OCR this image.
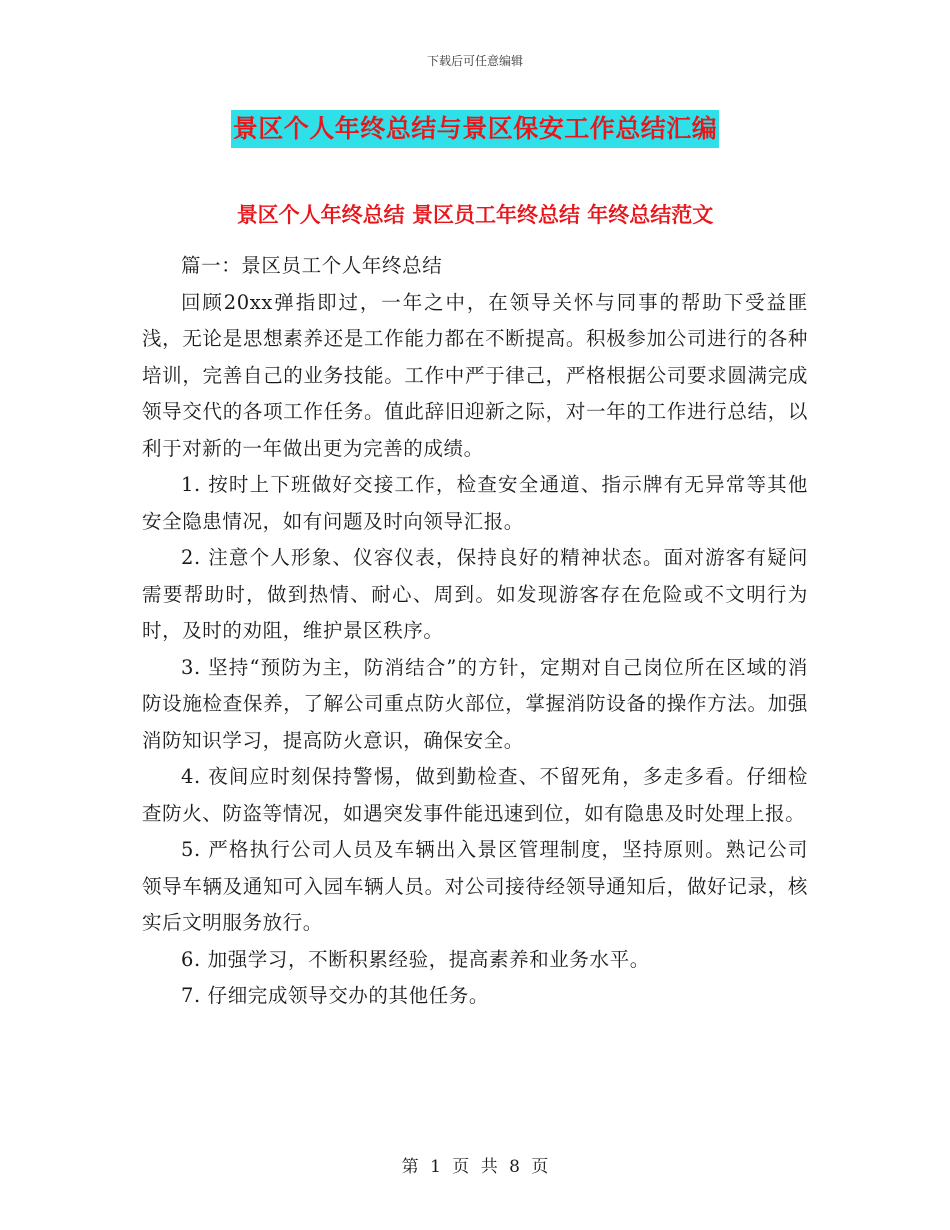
下载后可任意编辑
景区个人年终总结与景区保安工作总结汇编
景区个人年终总结 景区员工年终总结 年终总结范文

篇一：景区员工个人年终总结

回顾20xx弹指即过，一年之中，在领导关怀与同事的帮助下受益匪浅，无论是思想素养还是工作能力都在不断提高。积极参加公司进行的各种培训，完善自己的业务技能。工作中严于律己，严格根据公司要求圆满完成领导交代的各项工作任务。值此辞旧迎新之际，对一年的工作进行总结，以利于对新的一年做出更为完善的成绩。

1. 按时上下班做好交接工作，检查安全通道、指示牌有无异常等其他安全隐患情况，如有问题及时向领导汇报。

2. 注意个人形象、仪容仪表，保持良好的精神状态。面对游客有疑问需要帮助时，做到热情、耐心、周到。如发现游客存在危险或不文明行为时，及时的劝阻，维护景区秩序。

3. 坚持“预防为主，防消结合”的方针，定期对自己岗位所在区域的消防设施检查保养，了解公司重点防火部位，掌握消防设备的操作方法。加强消防知识学习，提高防火意识，确保安全。

4. 夜间应时刻保持警惕，做到勤检查、不留死角，多走多看。仔细检查防火、防盗等情况，如遇突发事件能迅速到位，如有隐患及时处理上报。

5. 严格执行公司人员及车辆出入景区管理制度，坚持原则。熟记公司领导车辆及通知可入园车辆人员。对公司接待经领导通知后，做好记录，核实后文明服务放行。

6. 加强学习，不断积累经验，提高素养和业务水平。

7. 仔细完成领导交办的其他任务。

第 1 页 共 8 页
